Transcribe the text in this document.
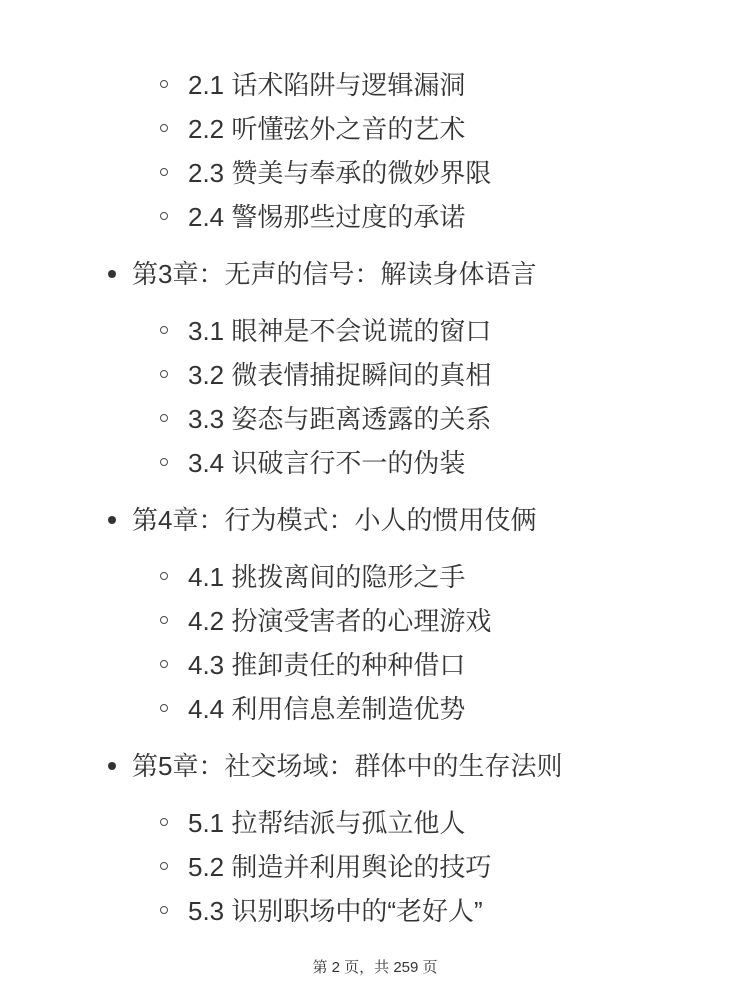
2.1 话术陷阱与逻辑漏洞
2.2 听懂弦外之音的艺术
2.3 赞美与奉承的微妙界限
2.4 警惕那些过度的承诺
第3章：无声的信号：解读身体语言
3.1 眼神是不会说谎的窗口
3.2 微表情捕捉瞬间的真相
3.3 姿态与距离透露的关系
3.4 识破言行不一的伪装
第4章：行为模式：小人的惯用伎俩
4.1 挑拨离间的隐形之手
4.2 扮演受害者的心理游戏
4.3 推卸责任的种种借口
4.4 利用信息差制造优势
第5章：社交场域：群体中的生存法则
5.1 拉帮结派与孤立他人
5.2 制造并利用舆论的技巧
5.3 识别职场中的“老好人”
第 2 页，共 259 页
